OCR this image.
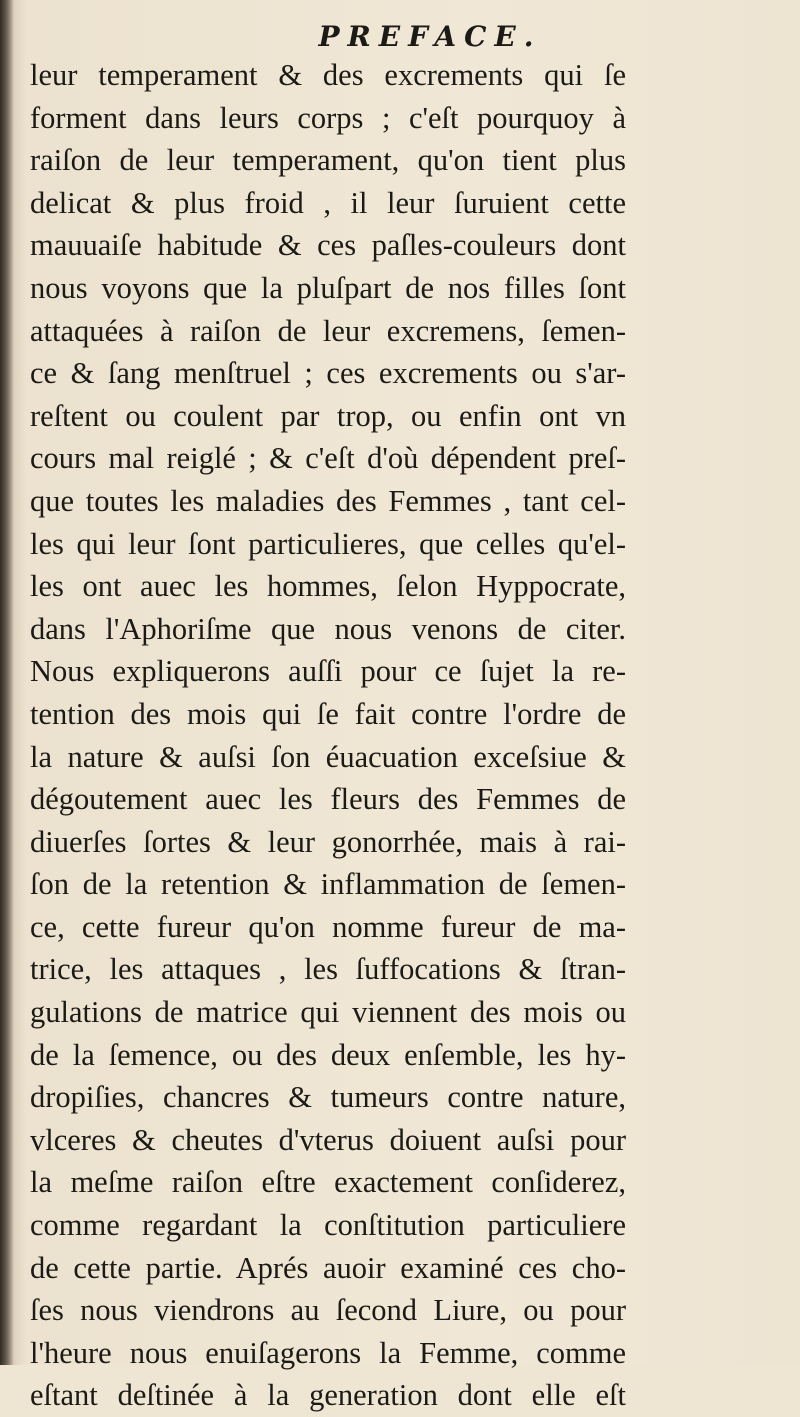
PREFACE.
leur temperament & des excrements qui ſe
forment dans leurs corps ; c'eſt pourquoy à
raiſon de leur temperament, qu'on tient plus
delicat & plus froid , il leur ſuruient cette
mauuaiſe habitude & ces paſles-couleurs dont
nous voyons que la pluſpart de nos filles ſont
attaquées à raiſon de leur excremens, ſemen-
ce & ſang menſtruel ; ces excrements ou s'ar-
reſtent ou coulent par trop, ou enfin ont vn
cours mal reiglé ; & c'eſt d'où dépendent preſ-
que toutes les maladies des Femmes , tant cel-
les qui leur ſont particulieres, que celles qu'el-
les ont auec les hommes, ſelon Hyppocrate,
dans l'Aphoriſme que nous venons de citer.
Nous expliquerons auſſi pour ce ſujet la re-
tention des mois qui ſe fait contre l'ordre de
la nature & auſsi ſon éuacuation exceſsiue &
dégoutement auec les fleurs des Femmes de
diuerſes ſortes & leur gonorrhée, mais à rai-
ſon de la retention & inflammation de ſemen-
ce, cette fureur qu'on nomme fureur de ma-
trice, les attaques , les ſuffocations & ſtran-
gulations de matrice qui viennent des mois ou
de la ſemence, ou des deux enſemble, les hy-
dropiſies, chancres & tumeurs contre nature,
vlceres & cheutes d'vterus doiuent auſsi pour
la meſme raiſon eſtre exactement conſiderez,
comme regardant la conſtitution particuliere
de cette partie. Aprés auoir examiné ces cho-
ſes nous viendrons au ſecond Liure, ou pour
l'heure nous enuiſagerons la Femme, comme
eſtant deſtinée à la generation dont elle eſt
